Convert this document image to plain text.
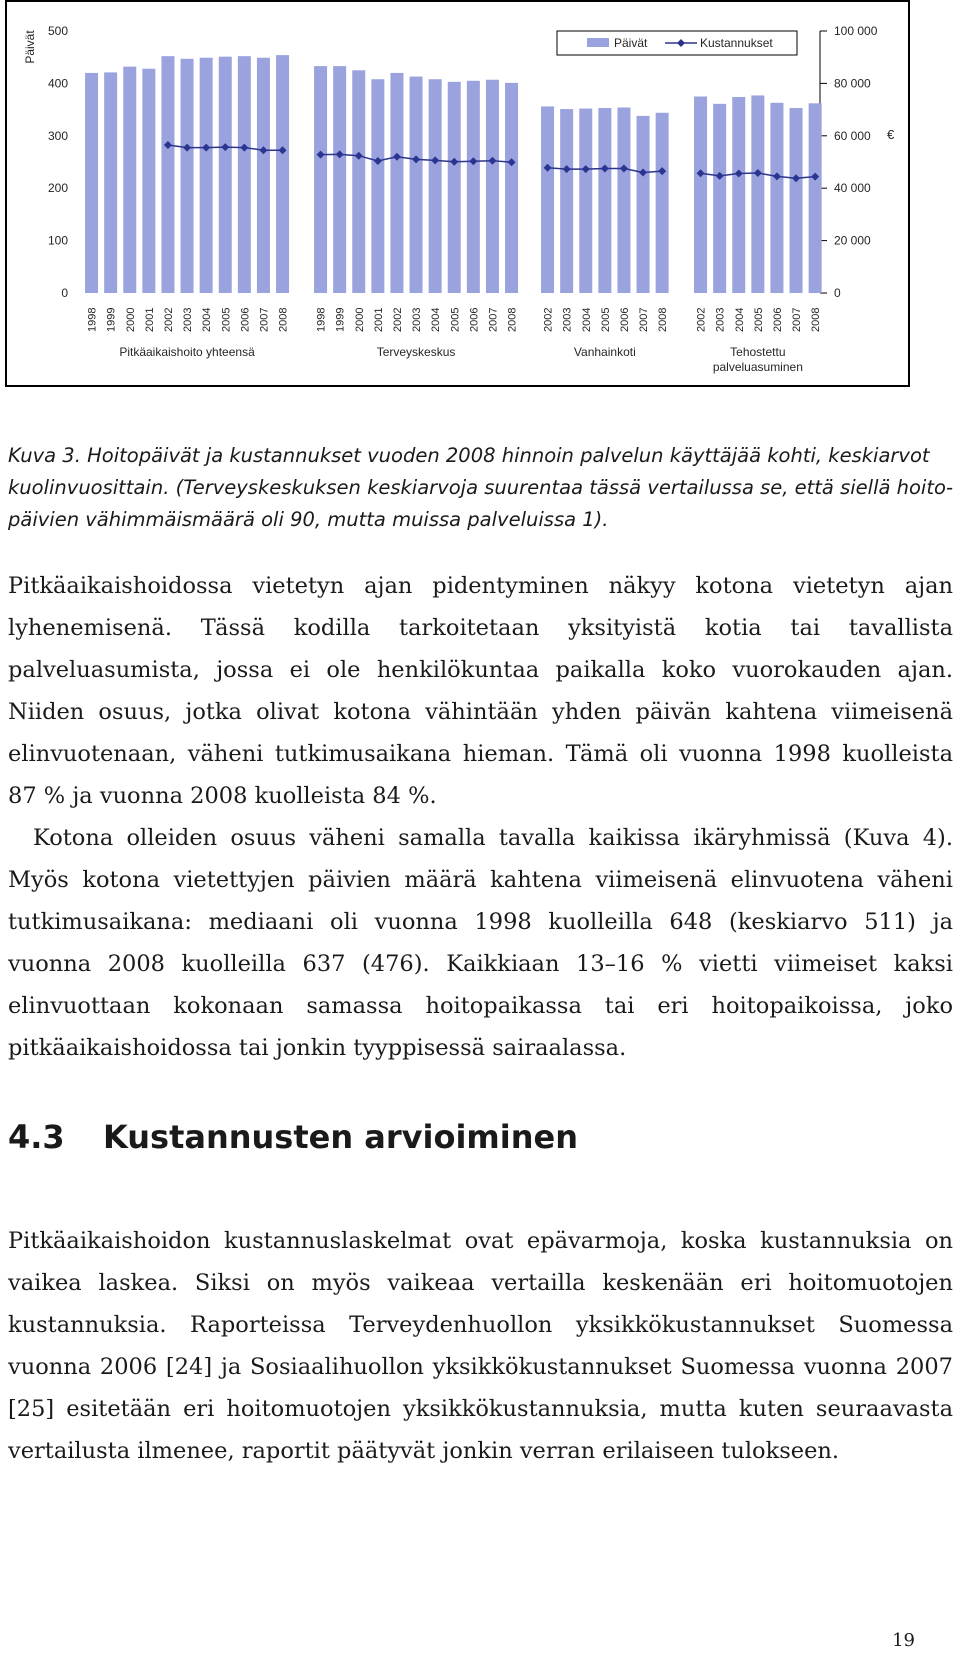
Päivät
0
100
200
300
400
500
0
20 000
40 000
60 000
80 000
100 000
€
1998 1999 2000 2001 2002 2003 2004 2005 2006 2007 2008
Pitkäaikaishoito yhteensä
1998 1999 2000 2001 2002 2003 2004 2005 2006 2007 2008
Terveyskeskus
2002 2003 2004 2005 2006 2007 2008
Vanhainkoti
2002 2003 2004 2005 2006 2007 2008
Tehostettu
palveluasuminen
Päivät	Kustannukset
Kuva 3. Hoitopäivät ja kustannukset vuoden 2008 hinnoin palvelun käyttäjää kohti, keskiarvot kuolinvuosittain. (Terveyskeskuksen keskiarvoja suurentaa tässä vertailussa se, että siellä hoitopäivien vähimmäismäärä oli 90, mutta muissa palveluissa 1).

Pitkäaikaishoidossa vietetyn ajan pidentyminen näkyy kotona vietetyn ajan lyhenemisenä. Tässä kodilla tarkoitetaan yksityistä kotia tai tavallista palveluasumista, jossa ei ole henkilökuntaa paikalla koko vuorokauden ajan. Niiden osuus, jotka olivat kotona vähintään yhden päivän kahtena viimeisenä elinvuotenaan, väheni tutkimusaikana hieman. Tämä oli vuonna 1998 kuolleista 87 % ja vuonna 2008 kuolleista 84 %.

Kotona olleiden osuus väheni samalla tavalla kaikissa ikäryhmissä (Kuva 4). Myös kotona vietettyjen päivien määrä kahtena viimeisenä elinvuotena väheni tutkimusaikana: mediaani oli vuonna 1998 kuolleilla 648 (keskiarvo 511) ja vuonna 2008 kuolleilla 637 (476). Kaikkiaan 13–16 % vietti viimeiset kaksi elinvuottaan kokonaan samassa hoitopaikassa tai eri hoitopaikoissa, joko pitkäaikaishoidossa tai jonkin tyyppisessä sairaalassa.

4.3 Kustannusten arvioiminen

Pitkäaikaishoidon kustannuslaskelmat ovat epävarmoja, koska kustannuksia on vaikea laskea. Siksi on myös vaikeaa vertailla keskenään eri hoitomuotojen kustannuksia. Raporteissa Terveydenhuollon yksikkökustannukset Suomessa vuonna 2006 [24] ja Sosiaalihuollon yksikkökustannukset Suomessa vuonna 2007 [25] esitetään eri hoitomuotojen yksikkökustannuksia, mutta kuten seuraavasta vertailusta ilmenee, raportit päätyvät jonkin verran erilaiseen tulokseen.

19
